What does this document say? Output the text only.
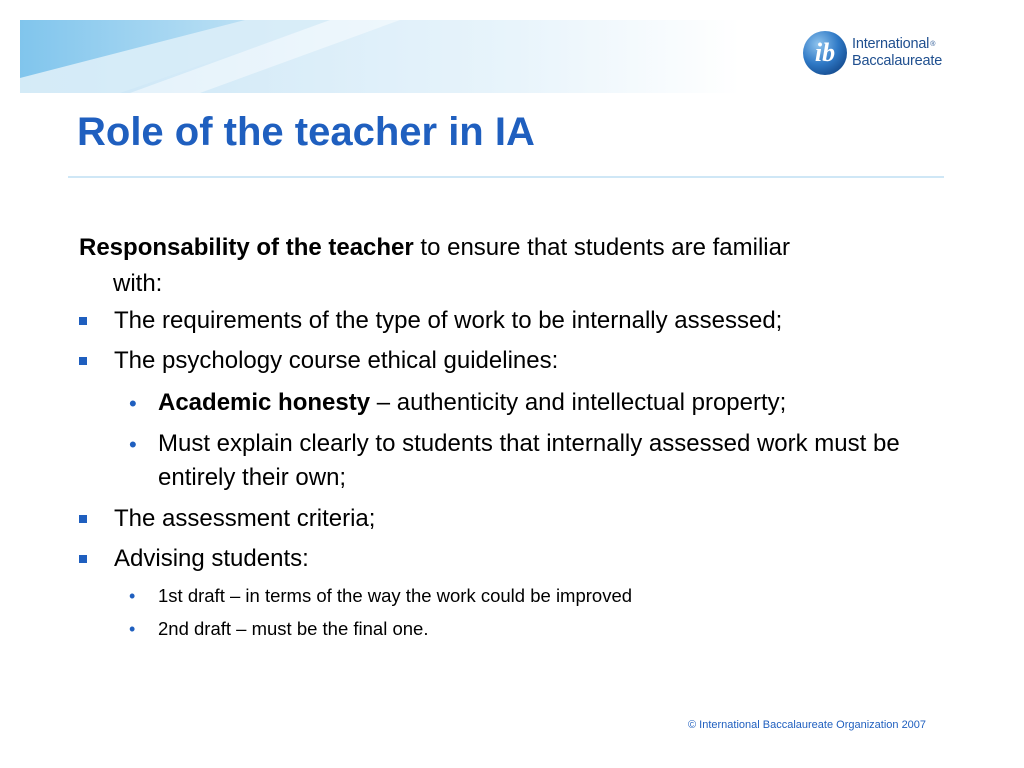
ib International®
Baccalaureate
Role of the teacher in IA

Responsability of the teacher to ensure that students are familiar
with:

The requirements of the type of work to be internally assessed;
The psychology course ethical guidelines:
• Academic honesty – authenticity and intellectual property;
• Must explain clearly to students that internally assessed work must be entirely their own;
The assessment criteria;
Advising students:
• 1st draft – in terms of the way the work could be improved
• 2nd draft – must be the final one.
© International Baccalaureate Organization 2007
